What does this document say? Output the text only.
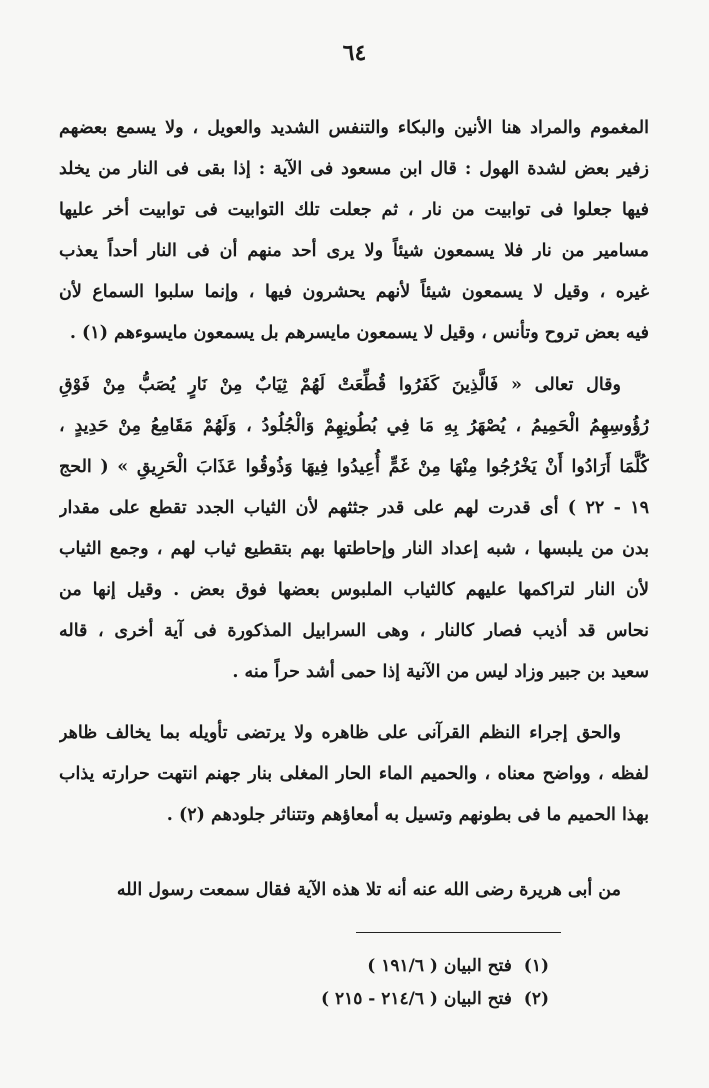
٦٤
المغموم والمراد هنا الأنين والبكاء والتنفس الشديد والعويل ، ولا يسمع بعضهم
زفير بعض لشدة الهول : قال ابن مسعود فى الآية : إذا بقى فى النار من يخلد
فيها جعلوا فى توابيت من نار ، ثم جعلت تلك التوابيت فى توابيت أخر عليها
مسامير من نار فلا يسمعون شيئاً ولا يرى أحد منهم أن فى النار أحداً يعذب
غيره ، وقيل لا يسمعون شيئاً لأنهم يحشرون فيها ، وإنما سلبوا السماع لأن
فيه بعض تروح وتأنس ، وقيل لا يسمعون مايسرهم بل يسمعون مايسوءهم (١) .
وقال تعالى « فَالَّذِينَ كَفَرُوا قُطِّعَتْ لَهُمْ ثِيَابٌ مِنْ نَارٍ يُصَبُّ مِنْ فَوْقِ
رُؤُوسِهِمُ الْحَمِيمُ ، يُصْهَرُ بِهِ مَا فِي بُطُونِهِمْ وَالْجُلُودُ ، وَلَهُمْ مَقَامِعُ مِنْ حَدِيدٍ ،
كُلَّمَا أَرَادُوا أَنْ يَخْرُجُوا مِنْهَا مِنْ غَمٍّ أُعِيدُوا فِيهَا وَذُوقُوا عَذَابَ الْحَرِيقِ » ( الحج
١٩ - ٢٢ ) أى قدرت لهم على قدر جثثهم لأن الثياب الجدد تقطع على مقدار
بدن من يلبسها ، شبه إعداد النار وإحاطتها بهم بتقطيع ثياب لهم ، وجمع الثياب
لأن النار لتراكمها عليهم كالثياب الملبوس بعضها فوق بعض . وقيل إنها من
نحاس قد أذيب فصار كالنار ، وهى السرابيل المذكورة فى آية أخرى ، قاله
سعيد بن جبير وزاد ليس من الآنية إذا حمى أشد حراً منه .
والحق إجراء النظم القرآنى على ظاهره ولا يرتضى تأويله بما يخالف ظاهر
لفظه ، وواضح معناه ، والحميم الماء الحار المغلى بنار جهنم انتهت حرارته يذاب
بهذا الحميم ما فى بطونهم وتسيل به أمعاؤهم وتتناثر جلودهم (٢) .
من أبى هريرة رضى الله عنه أنه تلا هذه الآية فقال سمعت رسول الله
(١) فتح البيان ( ١٩١/٦ )
(٢) فتح البيان ( ٢١٤/٦ - ٢١٥ )
